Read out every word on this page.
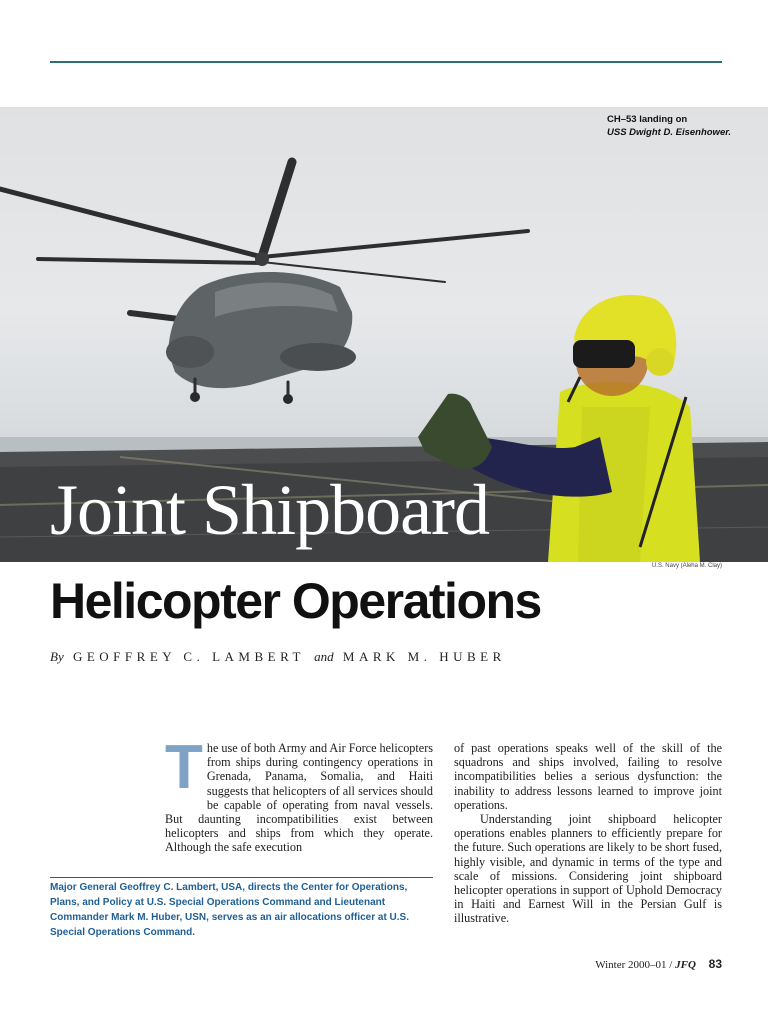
CH–53 landing on
USS Dwight D. Eisenhower.
U.S. Navy (Aleha M. Clay)
Joint Shipboard
Helicopter Operations
By GEOFFREY C. LAMBERT and MARK M. HUBER
T he use of both Army and Air Force helicopters from ships during contingency operations in Grenada, Panama, Somalia, and Haiti suggests that helicopters of all services should be capable of operating from naval vessels. But daunting incompatibilities exist between helicopters and ships from which they operate. Although the safe execution

of past operations speaks well of the skill of the squadrons and ships involved, failing to resolve incompatibilities belies a serious dysfunction: the inability to address lessons learned to improve joint operations.

Understanding joint shipboard helicopter operations enables planners to efficiently prepare for the future. Such operations are likely to be short fused, highly visible, and dynamic in terms of the type and scale of missions. Considering joint shipboard helicopter operations in support of Uphold Democracy in Haiti and Earnest Will in the Persian Gulf is illustrative.

Major General Geoffrey C. Lambert, USA, directs the Center for Operations, Plans, and Policy at U.S. Special Operations Command and Lieutenant Commander Mark M. Huber, USN, serves as an air allocations officer at U.S. Special Operations Command.
Winter 2000–01 / JFQ 83
